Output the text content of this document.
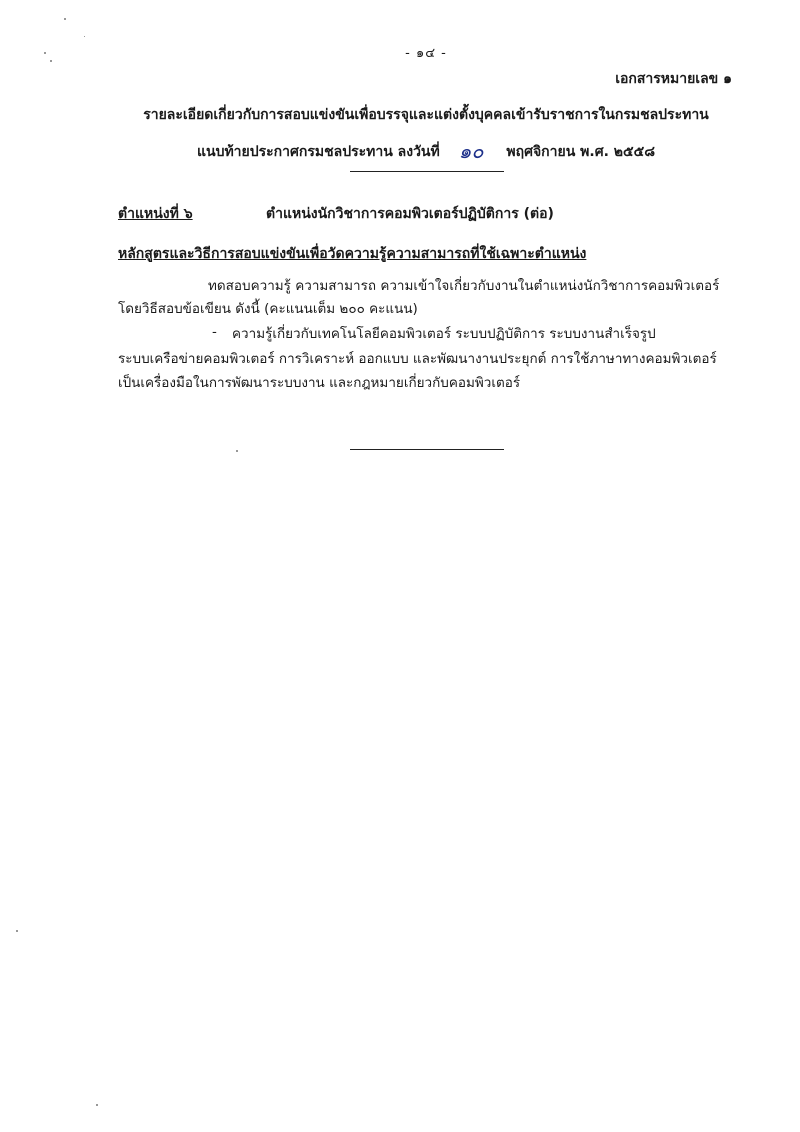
- ๑๔ -
เอกสารหมายเลข ๑
รายละเอียดเกี่ยวกับการสอบแข่งขันเพื่อบรรจุและแต่งตั้งบุคคลเข้ารับราชการในกรมชลประทาน
แนบท้ายประกาศกรมชลประทาน ลงวันที่ ๑๐ พฤศจิกายน พ.ศ. ๒๕๕๘
ตำแหน่งที่ ๖	ตำแหน่งนักวิชาการคอมพิวเตอร์ปฏิบัติการ (ต่อ)
หลักสูตรและวิธีการสอบแข่งขันเพื่อวัดความรู้ความสามารถที่ใช้เฉพาะตำแหน่ง
ทดสอบความรู้ ความสามารถ ความเข้าใจเกี่ยวกับงานในตำแหน่งนักวิชาการคอมพิวเตอร์
โดยวิธีสอบข้อเขียน ดังนี้ (คะแนนเต็ม ๒๐๐ คะแนน)
- ความรู้เกี่ยวกับเทคโนโลยีคอมพิวเตอร์ ระบบปฏิบัติการ ระบบงานสำเร็จรูป
ระบบเครือข่ายคอมพิวเตอร์ การวิเคราะห์ ออกแบบ และพัฒนางานประยุกต์ การใช้ภาษาทางคอมพิวเตอร์
เป็นเครื่องมือในการพัฒนาระบบงาน และกฎหมายเกี่ยวกับคอมพิวเตอร์
